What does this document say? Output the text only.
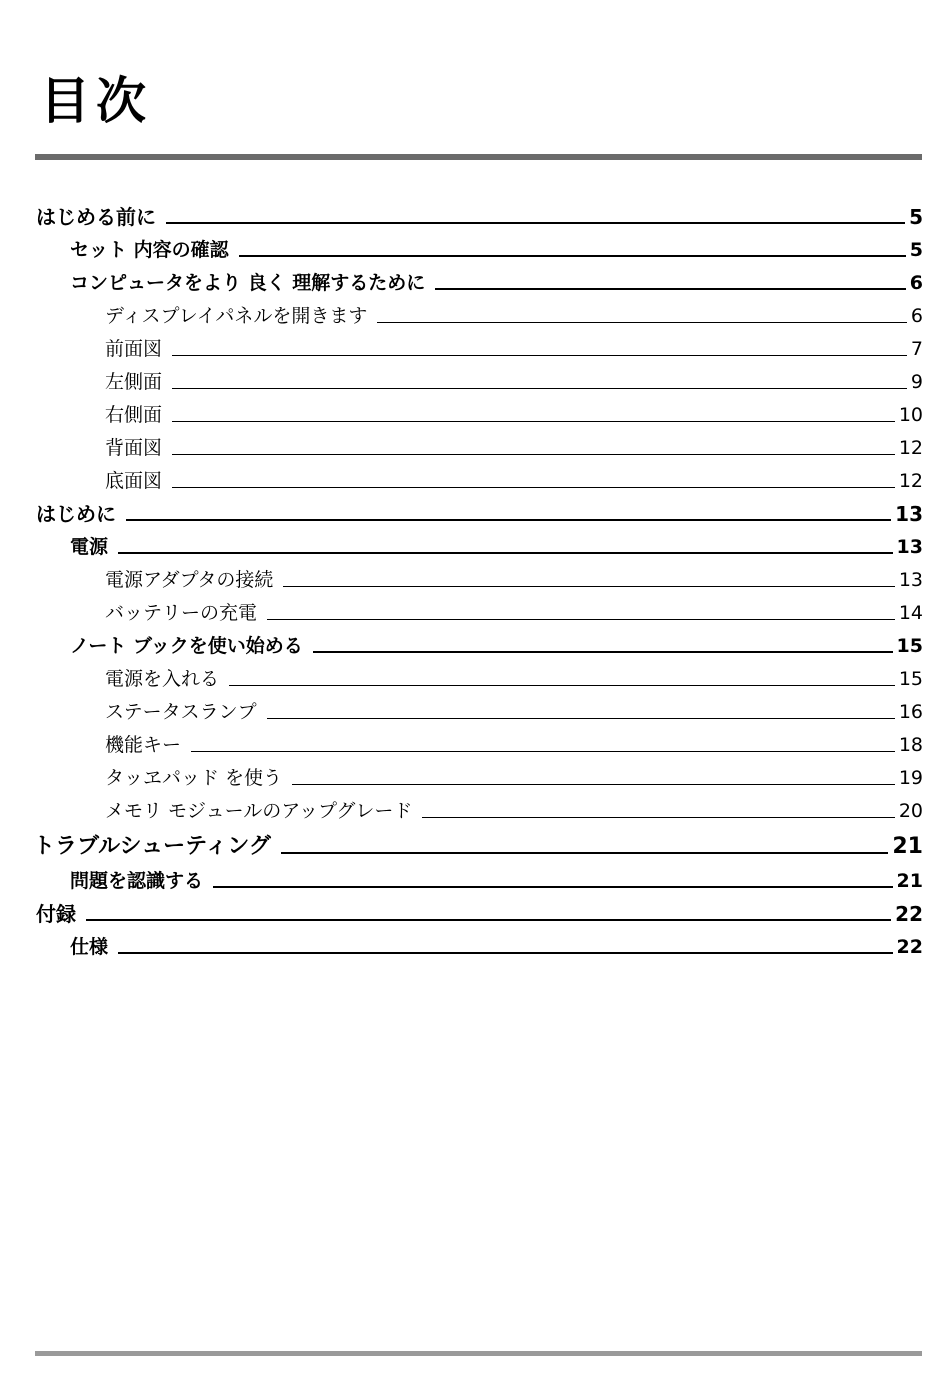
目次
はじめる前に	5
セット 内容の確認	5
コンピュータをより 良く 理解するために	6
ディスプレイパネルを開きます	6
前面図	7
左側面	9
右側面	10
背面図	12
底面図	12
はじめに	13
電源	13
電源アダプタの接続	13
バッテリーの充電	14
ノート ブックを使い始める	15
電源を入れる	15
ステータスランプ	16
機能キー	18
タッヱパッド を使う	19
メモリ モジュールのアップグレード	20
トラブルシューティング	21
問題を認識する	21
付録	22
仕様	22
